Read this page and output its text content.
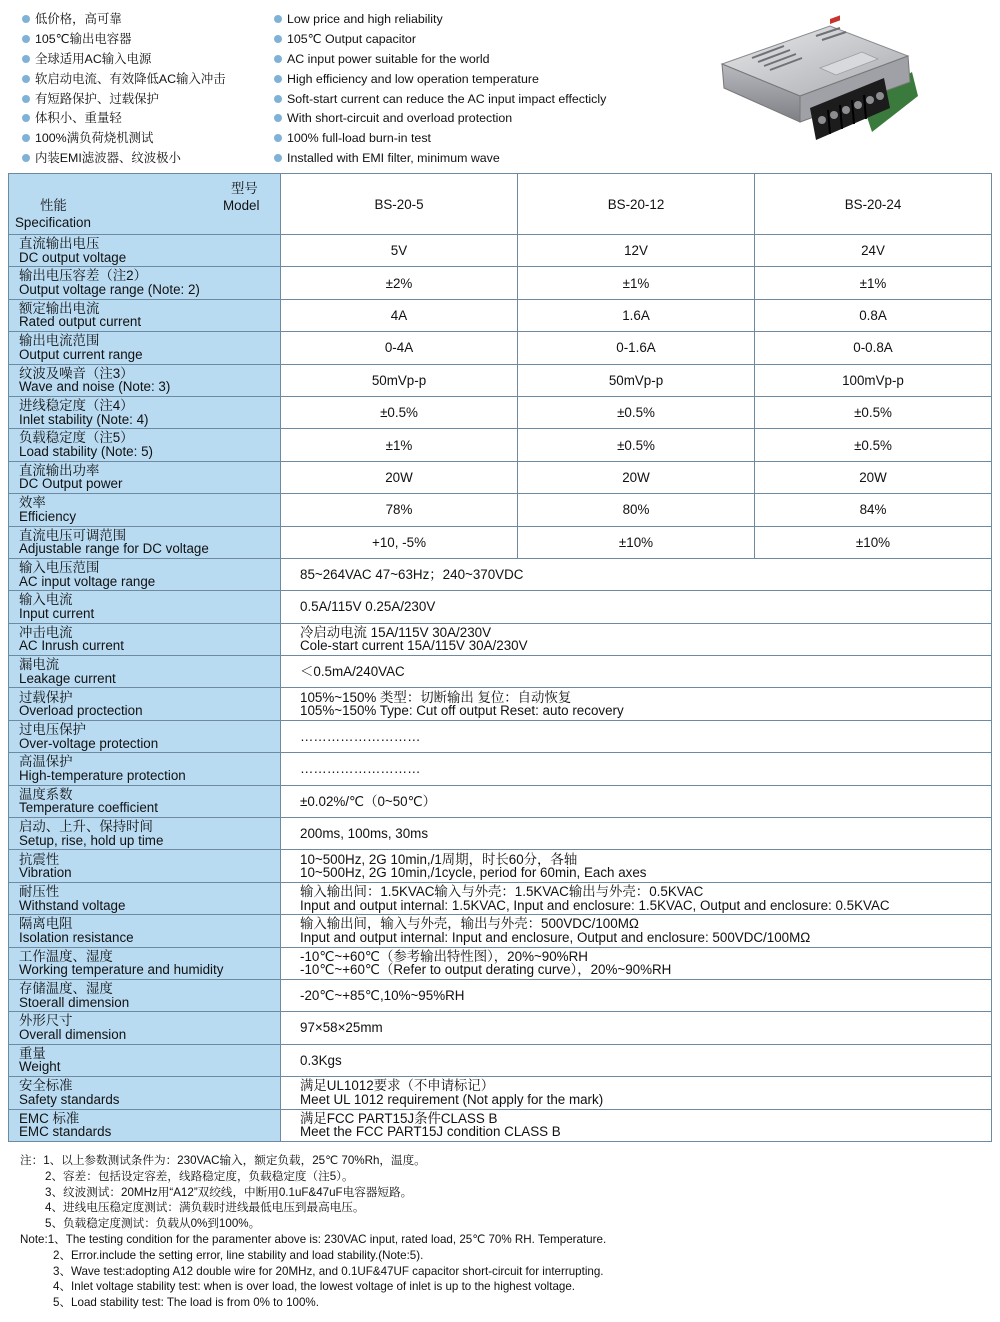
低价格，高可靠
105℃输出电容器
全球适用AC输入电源
软启动电流、有效降低AC输入冲击
有短路保护、过载保护
体积小、重量轻
100%满负荷烧机测试
内装EMI滤波器、纹波极小
Low price and high reliability
105℃ Output capacitor
AC input power suitable for the world
High efficiency and low operation temperature
Soft-start current can reduce the AC input impact effecticly
With short-circuit and overload protection
100% full-load burn-in test
Installed with EMI filter, minimum wave
型号
Model
性能
Specification	BS-20-5	BS-20-12	BS-20-24

直流输出电压
DC output voltage	5V	12V	24V

输出电压容差（注2）
Output voltage range (Note: 2)	±2%	±1%	±1%

额定输出电流
Rated output current	4A	1.6A	0.8A

输出电流范围
Output current range	0-4A	0-1.6A	0-0.8A

纹波及噪音（注3）
Wave and noise (Note: 3)	50mVp-p	50mVp-p	100mVp-p

进线稳定度（注4）
Inlet stability (Note: 4)	±0.5%	±0.5%	±0.5%

负载稳定度（注5）
Load stability (Note: 5)	±1%	±0.5%	±0.5%

直流输出功率
DC Output power	20W	20W	20W

效率
Efficiency	78%	80%	84%

直流电压可调范围
Adjustable range for DC voltage	+10, -5%	±10%	±10%

输入电压范围
AC input voltage range	85~264VAC 47~63Hz；240~370VDC		

输入电流
Input current	0.5A/115V 0.25A/230V		

冲击电流
AC Inrush current	冷启动电流 15A/115V 30A/230V
Cole-start current 15A/115V 30A/230V		

漏电流
Leakage current	＜0.5mA/240VAC		

过载保护
Overload proctection	105%~150% 类型：切断输出 复位：自动恢复
105%~150% Type: Cut off output Reset: auto recovery		

过电压保护
Over-voltage protection	………………………		

高温保护
High-temperature protection	………………………		

温度系数
Temperature coefficient	±0.02%/℃（0~50℃）		

启动、上升、保持时间
Setup, rise, hold up time	200ms, 100ms, 30ms		

抗震性
Vibration	10~500Hz, 2G 10min,/1周期，时长60分，各轴
10~500Hz, 2G 10min,/1cycle, period for 60min, Each axes		

耐压性
Withstand voltage	输入输出间：1.5KVAC输入与外壳：1.5KVAC输出与外壳：0.5KVAC
Input and output internal: 1.5KVAC, Input and enclosure: 1.5KVAC, Output and enclosure: 0.5KVAC		

隔离电阻
Isolation resistance	输入输出间，输入与外壳，输出与外壳：500VDC/100MΩ
Input and output internal: Input and enclosure, Output and enclosure: 500VDC/100MΩ		

工作温度、湿度
Working temperature and humidity	-10℃~+60℃（参考输出特性图），20%~90%RH
-10℃~+60℃（Refer to output derating curve），20%~90%RH		

存储温度、湿度
Stoerall dimension	-20℃~+85℃,10%~95%RH		

外形尺寸
Overall dimension	97×58×25mm		

重量
Weight	0.3Kgs		

安全标准
Safety standards	满足UL1012要求（不申请标记）
Meet UL 1012 requirement (Not apply for the mark)		

EMC 标准
EMC standards	满足FCC PART15J条件CLASS B
Meet the FCC PART15J condition CLASS B		
注：1、以上参数测试条件为：230VAC输入，额定负载，25℃ 70%Rh，温度。
2、容差：包括设定容差，线路稳定度，负载稳定度（注5）。
3、纹波测试：20MHz用“A12”双绞线，中断用0.1uF&47uF电容器短路。
4、进线电压稳定度测试：满负载时进线最低电压到最高电压。
5、负载稳定度测试：负载从0%到100%。
Note:1、The testing condition for the paramenter above is: 230VAC input, rated load, 25℃ 70% RH. Temperature.
2、Error.include the setting error, line stability and load stability.(Note:5).
3、Wave test:adopting A12 double wire for 20MHz, and 0.1UF&47UF capacitor short-circuit for interrupting.
4、Inlet voltage stability test: when is over load, the lowest voltage of inlet is up to the highest voltage.
5、Load stability test: The load is from 0% to 100%.
